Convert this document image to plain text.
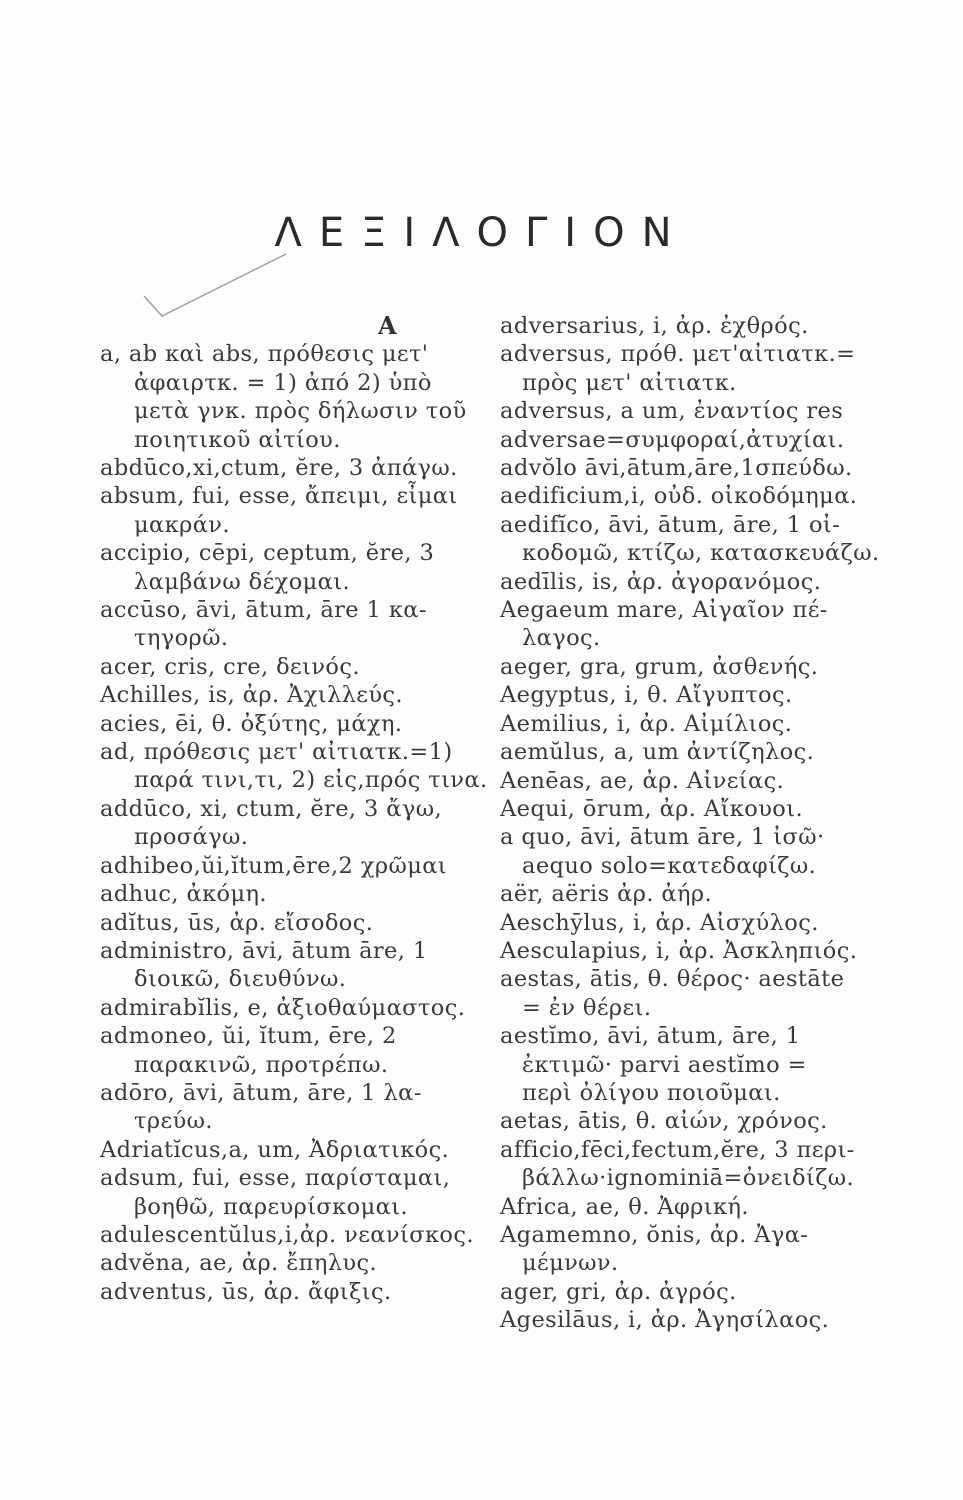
ΛΕΞΙΛΟΓΙΟΝ
A
a, ab καὶ abs, πρόθεσις μετ'
ἀφαιρτκ. = 1) ἀπό 2) ὑπὸ
μετὰ γνκ. πρὸς δήλωσιν τοῦ
ποιητικοῦ αἰτίου.
abdūco,xi,ctum, ĕre, 3 ἀπάγω.
absum, fui, esse, ἄπειμι, εἶμαι
μακράν.
accipio, cēpi, ceptum, ĕre, 3
λαμβάνω δέχομαι.
accūso, āvi, ātum, āre 1 κα-
τηγορῶ.
acer, cris, cre, δεινός.
Achilles, is, ἀρ. Ἀχιλλεύς.
acies, ēi, θ. ὀξύτης, μάχη.
ad, πρόθεσις μετ' αἰτιατκ.=1)
παρά τινι,τι, 2) εἰς,πρός τινα.
addūco, xi, ctum, ĕre, 3 ἄγω,
προσάγω.
adhibeo,ŭi,ĭtum,ēre,2 χρῶμαι
adhuc, ἀκόμη.
adĭtus, ūs, ἀρ. εἴσοδος.
administro, āvi, ātum āre, 1
διοικῶ, διευθύνω.
admirabĭlis, e, ἀξιοθαύμαστος.
admoneo, ŭi, ĭtum, ēre, 2
παρακινῶ, προτρέπω.
adōro, āvi, ātum, āre, 1 λα-
τρεύω.
Adriatĭcus,a, um, Ἀδριατικός.
adsum, fui, esse, παρίσταμαι,
βοηθῶ, παρευρίσκομαι.
adulescentŭlus,i,ἀρ. νεανίσκος.
advĕna, ae, ἀρ. ἔπηλυς.
adventus, ūs, ἀρ. ἄφιξις.
adversarius, i, ἀρ. ἐχθρός.
adversus, πρόθ. μετ'αἰτιατκ.=
πρὸς μετ' αἰτιατκ.
adversus, a um, ἐναντίος res
adversae=συμφοραί,ἀτυχίαι.
advŏlo āvi,ātum,āre,1σπεύδω.
aedificium,i, οὐδ. οἰκοδόμημα.
aedifĭco, āvi, ātum, āre, 1 οἰ-
κοδομῶ, κτίζω, κατασκευάζω.
aedīlis, is, ἀρ. ἀγορανόμος.
Aegaeum mare, Αἰγαῖον πέ-
λαγος.
aeger, gra, grum, ἀσθενής.
Aegyptus, i, θ. Αἴγυπτος.
Aemilius, i, ἀρ. Αἰμίλιος.
aemŭlus, a, um ἀντίζηλος.
Aenēas, ae, ἀρ. Αἰνείας.
Aequi, ōrum, ἀρ. Αἴκουοι.
a quo, āvi, ātum āre, 1 ἰσῶ·
aequo solo=κατεδαφίζω.
aër, aëris ἀρ. ἀήρ.
Aeschȳlus, i, ἀρ. Αἰσχύλος.
Aesculapius, i, ἀρ. Ἀσκληπιός.
aestas, ātis, θ. θέρος· aestāte
= ἐν θέρει.
aestĭmo, āvi, ātum, āre, 1
ἐκτιμῶ· parvi aestĭmo =
περὶ ὀλίγου ποιοῦμαι.
aetas, ātis, θ. αἰών, χρόνος.
afficio,fēci,fectum,ĕre, 3 περι-
βάλλω·ignominiā=ὀνειδίζω.
Africa, ae, θ. Ἀφρική.
Agamemno, ŏnis, ἀρ. Ἀγα-
μέμνων.
ager, gri, ἀρ. ἀγρός.
Agesilāus, i, ἀρ. Ἀγησίλαος.
